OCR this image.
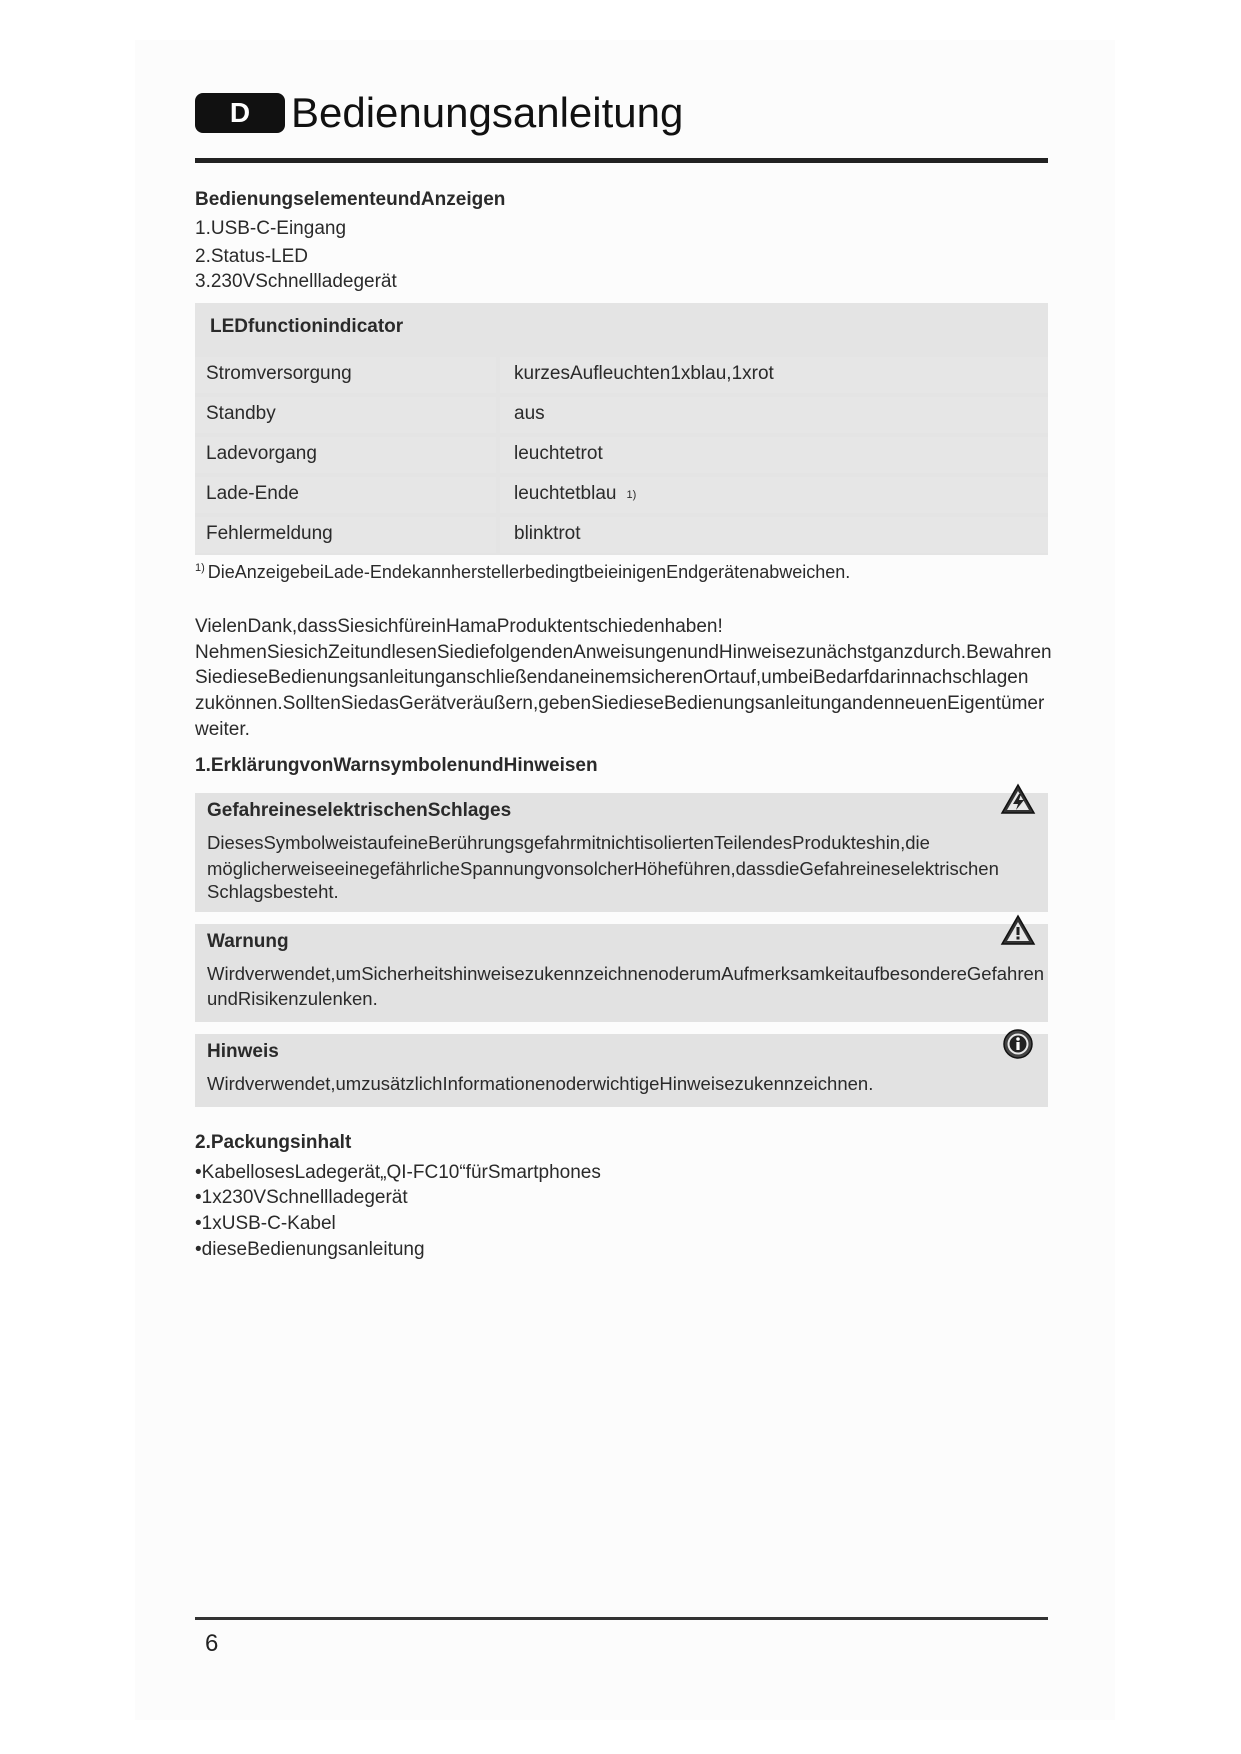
D Bedienungsanleitung

BedienungselementeundAnzeigen

1.USB-C-Eingang

2.Status-LED

3.230VSchnellladegerät

LEDfunctionindicator
Stromversorgung	kurzesAufleuchten1xblau,1xrot
Standby	aus
Ladevorgang	leuchtetrot
Lade-Ende	leuchtetblau 1)
Fehlermeldung	blinktrot
$^{1)}$ DieAnzeigebeiLade-EndekannherstellerbedingtbeieinigenEndgerätenabweichen.
VielenDank,dassSiesichfüreinHamaProduktentschiedenhaben!
NehmenSiesichZeitundlesenSiediefolgendenAnweisungenundHinweisezunächstganzdurch.Bewahren
SiedieseBedienungsanleitunganschließendaneinemsicherenOrtauf,umbeiBedarfdarinnachschlagen
zukönnen.SolltenSiedasGerätveräußern,gebenSiedieseBedienungsanleitungandenneuenEigentümer
weiter.

1.ErklärungvonWarnsymbolenundHinweisen

GefahreineselektrischenSchlages
DiesesSymbolweistaufeineBerührungsgefahrmitnichtisoliertenTeilendesProdukteshin,die
möglicherweiseeinegefährlicheSpannungvonsolcherHöheführen,dassdieGefahreineselektrischen
Schlagsbesteht.
Warnung
Wirdverwendet,umSicherheitshinweisezukennzeichnenoderumAufmerksamkeitaufbesondereGefahren
undRisikenzulenken.
Hinweis
Wirdverwendet,umzusätzlichInformationenoderwichtigeHinweisezukennzeichnen.

2.Packungsinhalt

•KabellosesLadegerät„QI-FC10“fürSmartphones
•1x230VSchnellladegerät
•1xUSB-C-Kabel
•dieseBedienungsanleitung
6
